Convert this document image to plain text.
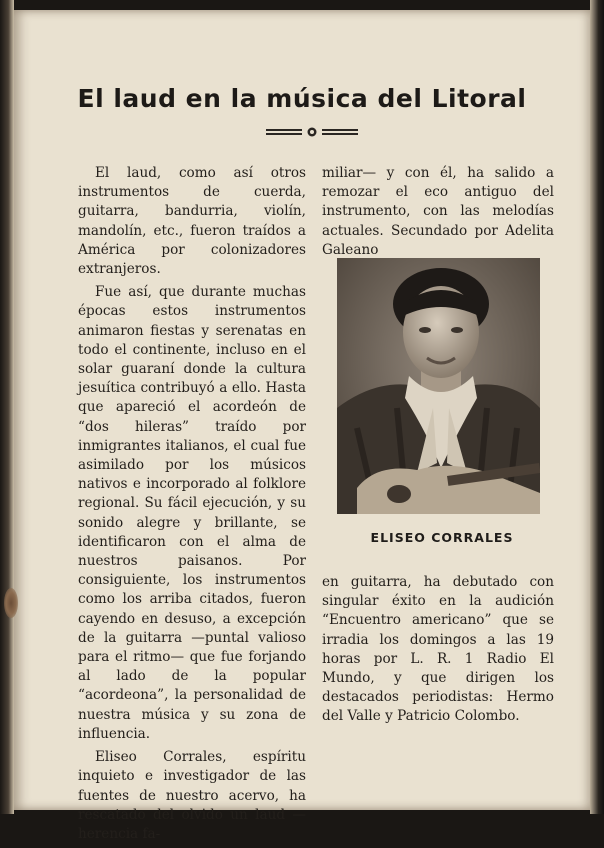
El laud en la música del Litoral

El laud, como así otros instrumentos de cuerda, guitarra, bandurria, violín, mandolín, etc., fueron traídos a América por colonizadores extranjeros.

Fue así, que durante muchas épocas estos instrumentos animaron fiestas y serenatas en todo el continente, incluso en el solar guaraní donde la cultura jesuítica contribuyó a ello. Hasta que apareció el acordeón de “dos hileras” traído por inmigrantes italianos, el cual fue asimilado por los músicos nativos e incorporado al folklore regional. Su fácil ejecución, y su sonido alegre y brillante, se identificaron con el alma de nuestros paisanos. Por consiguiente, los instrumentos como los arriba citados, fueron cayendo en desuso, a excepción de la guitarra —puntal valioso para el ritmo— que fue forjando al lado de la popular “acordeona”, la personalidad de nuestra música y su zona de influencia.

Eliseo Corrales, espíritu inquieto e investigador de las fuentes de nuestro acervo, ha rescatado del olvido un laud —herencia fa-

miliar— y con él, ha salido a remozar el eco antiguo del instrumento, con las melodías actuales. Secundado por Adelita Galeano

ELISEO CORRALES

en guitarra, ha debutado con singular éxito en la audición “Encuentro americano” que se irradia los domingos a las 19 horas por L. R. 1 Radio El Mundo, y que dirigen los destacados periodistas: Hermo del Valle y Patricio Colombo.
